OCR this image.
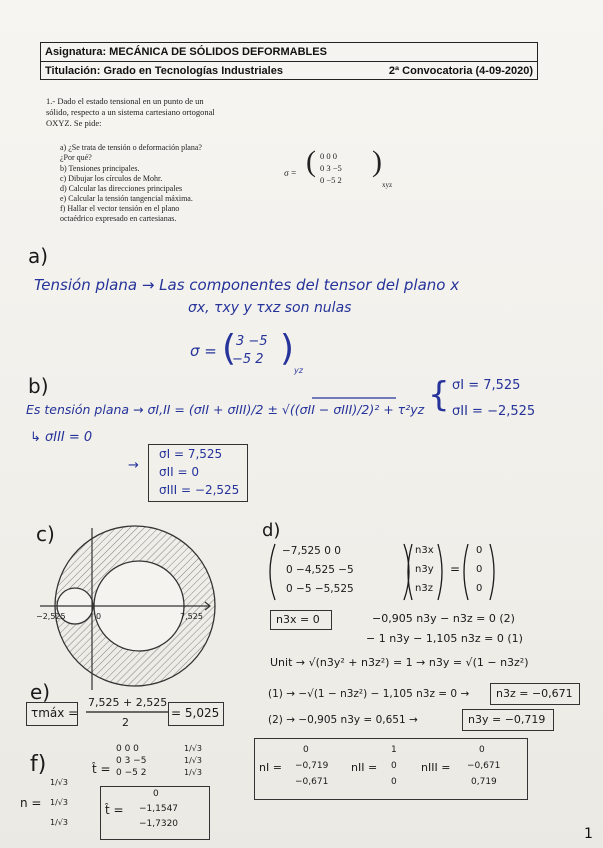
Asignatura: MECÁNICA DE SÓLIDOS DEFORMABLES
Titulación: Grado en Tecnologías Industriales	2ª Convocatoria (4-09-2020)
1.- Dado el estado tensional en un punto de un
sólido, respecto a un sistema cartesiano ortogonal
OXYZ. Se pide:
a) ¿Se trata de tensión o deformación plana?
¿Por qué?
b) Tensiones principales.
c) Dibujar los círculos de Mohr.
d) Calcular las direcciones principales
e) Calcular la tensión tangencial máxima.
f) Hallar el vector tensión en el plano
octaédrico expresado en cartesianas.
σ = ( 0 0 0
0 3 −5
0 −5 2
)
xyz
a)
Tensión plana → Las componentes del tensor del plano x
σx, τxy y τxz son nulas
σ = ( 3 −5
−5 2 )
yz
b)
Es tensión plana → σI,II = (σII + σIII)/2 ± √((σII − σIII)/2)² + τ²yz
σI = 7,525
σII = −2,525
{
↳ σIII = 0
→
σI = 7,525
σII = 0
σIII = −2,525
c)
−2,525	0	7,525
d)
−7,525 0 0
0 −4,525 −5
0 −5 −5,525
n3x
n3y
n3z
=
0
0
0
n3x = 0	−0,905 n3y − n3z = 0 (2)
− 1 n3y − 1,105 n3z = 0 (1)
Unit → √(n3y² + n3z²) = 1 → n3y = √(1 − n3z²)
(1) → −√(1 − n3z²) − 1,105 n3z = 0 → n3z = −0,671
(2) → −0,905 n3y = 0,651 →	n3y = −0,719
e)
τmáx =
7,525 + 2,525
2
= 5,025
f)	t̂ =
0 0 0
0 3 −5
0 −5 2
1/√3
1/√3
1/√3
n =
1/√3
1/√3
1/√3
t̂ =
0
−1,1547
−1,7320
nI =
0
−0,719
−0,671
nII =
1
0
0
nIII =
0
−0,671
0,719
1
